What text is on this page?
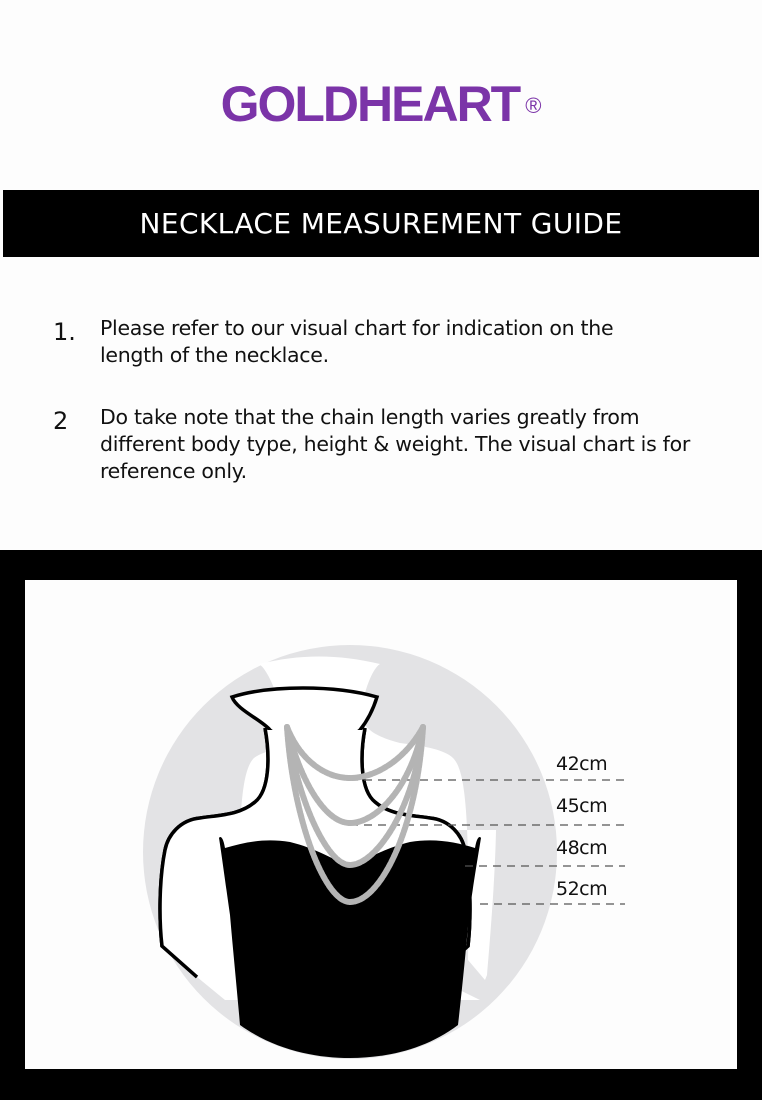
GOLDHEART ®
NECKLACE MEASUREMENT GUIDE
1.	Please refer to our visual chart for indication on the length of the necklace.
2	Do take note that the chain length varies greatly from different body type, height & weight. The visual chart is for reference only.
42cm
45cm
48cm
52cm
